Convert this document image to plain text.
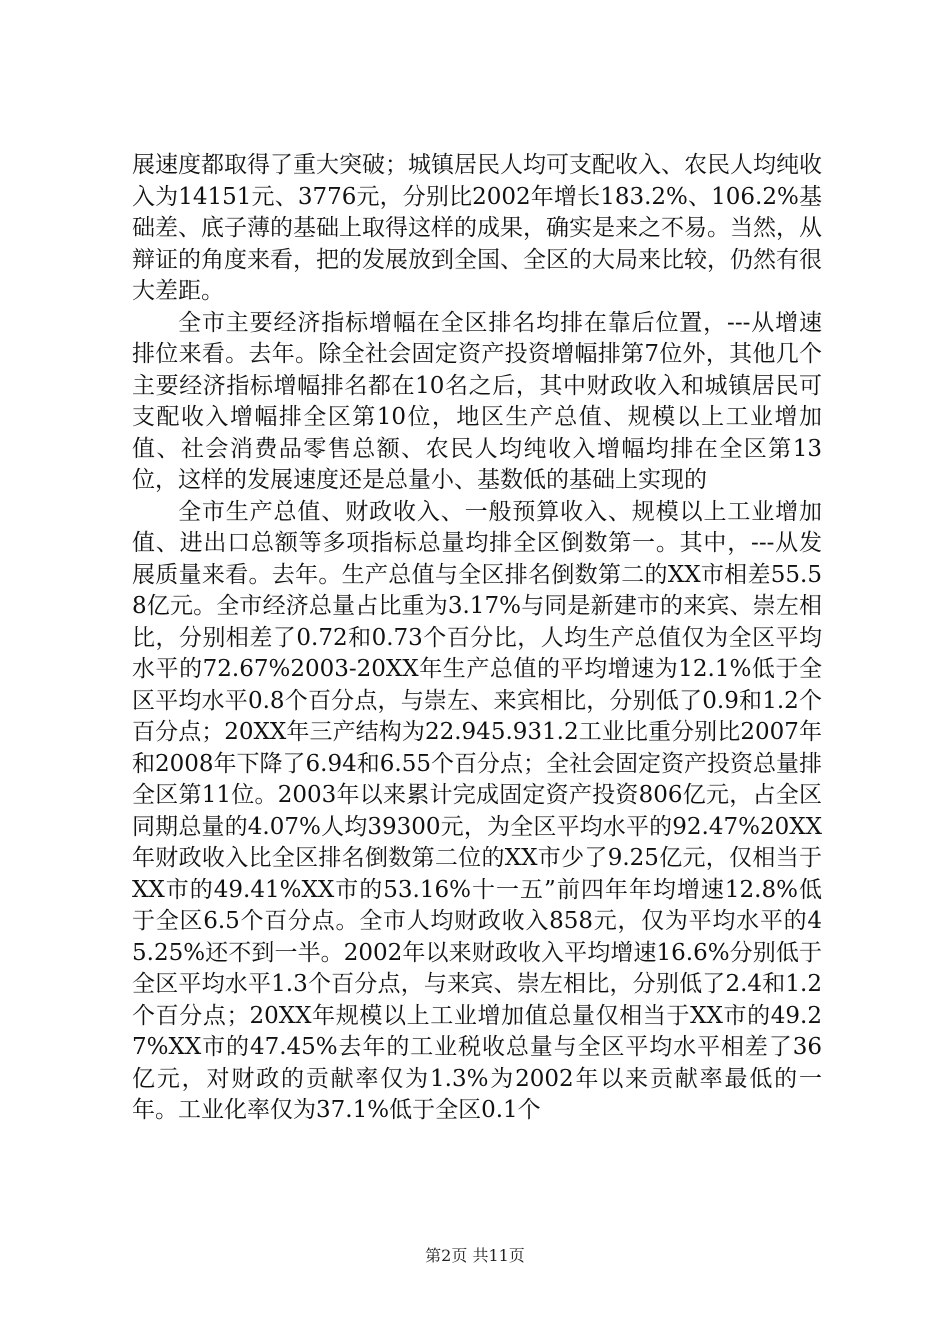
展速度都取得了重大突破；城镇居民人均可支配收入、农民人均纯收入为14151元、3776元，分别比2002年增长183.2%、106.2%基础差、底子薄的基础上取得这样的成果，确实是来之不易。当然，从辩证的角度来看，把的发展放到全国、全区的大局来比较，仍然有很大差距。

全市主要经济指标增幅在全区排名均排在靠后位置，---从增速排位来看。去年。除全社会固定资产投资增幅排第7位外，其他几个主要经济指标增幅排名都在10名之后，其中财政收入和城镇居民可支配收入增幅排全区第10位，地区生产总值、规模以上工业增加值、社会消费品零售总额、农民人均纯收入增幅均排在全区第13位，这样的发展速度还是总量小、基数低的基础上实现的

全市生产总值、财政收入、一般预算收入、规模以上工业增加值、进出口总额等多项指标总量均排全区倒数第一。其中，---从发展质量来看。去年。生产总值与全区排名倒数第二的XX市相差55.58亿元。全市经济总量占比重为3.17%与同是新建市的来宾、崇左相比，分别相差了0.72和0.73个百分比，人均生产总值仅为全区平均水平的72.67%2003-20XX年生产总值的平均增速为12.1%低于全区平均水平0.8个百分点，与崇左、来宾相比，分别低了0.9和1.2个百分点；20XX年三产结构为22.945.931.2工业比重分别比2007年和2008年下降了6.94和6.55个百分点；全社会固定资产投资总量排全区第11位。2003年以来累计完成固定资产投资806亿元，占全区同期总量的4.07%人均39300元，为全区平均水平的92.47%20XX年财政收入比全区排名倒数第二位的XX市少了9.25亿元，仅相当于XX市的49.41%XX市的53.16%十一五”前四年年均增速12.8%低于全区6.5个百分点。全市人均财政收入858元，仅为平均水平的45.25%还不到一半。2002年以来财政收入平均增速16.6%分别低于全区平均水平1.3个百分点，与来宾、崇左相比，分别低了2.4和1.2个百分点；20XX年规模以上工业增加值总量仅相当于XX市的49.27%XX市的47.45%去年的工业税收总量与全区平均水平相差了36亿元，对财政的贡献率仅为1.3%为2002年以来贡献率最低的一年。工业化率仅为37.1%低于全区0.1个

第2页 共11页
